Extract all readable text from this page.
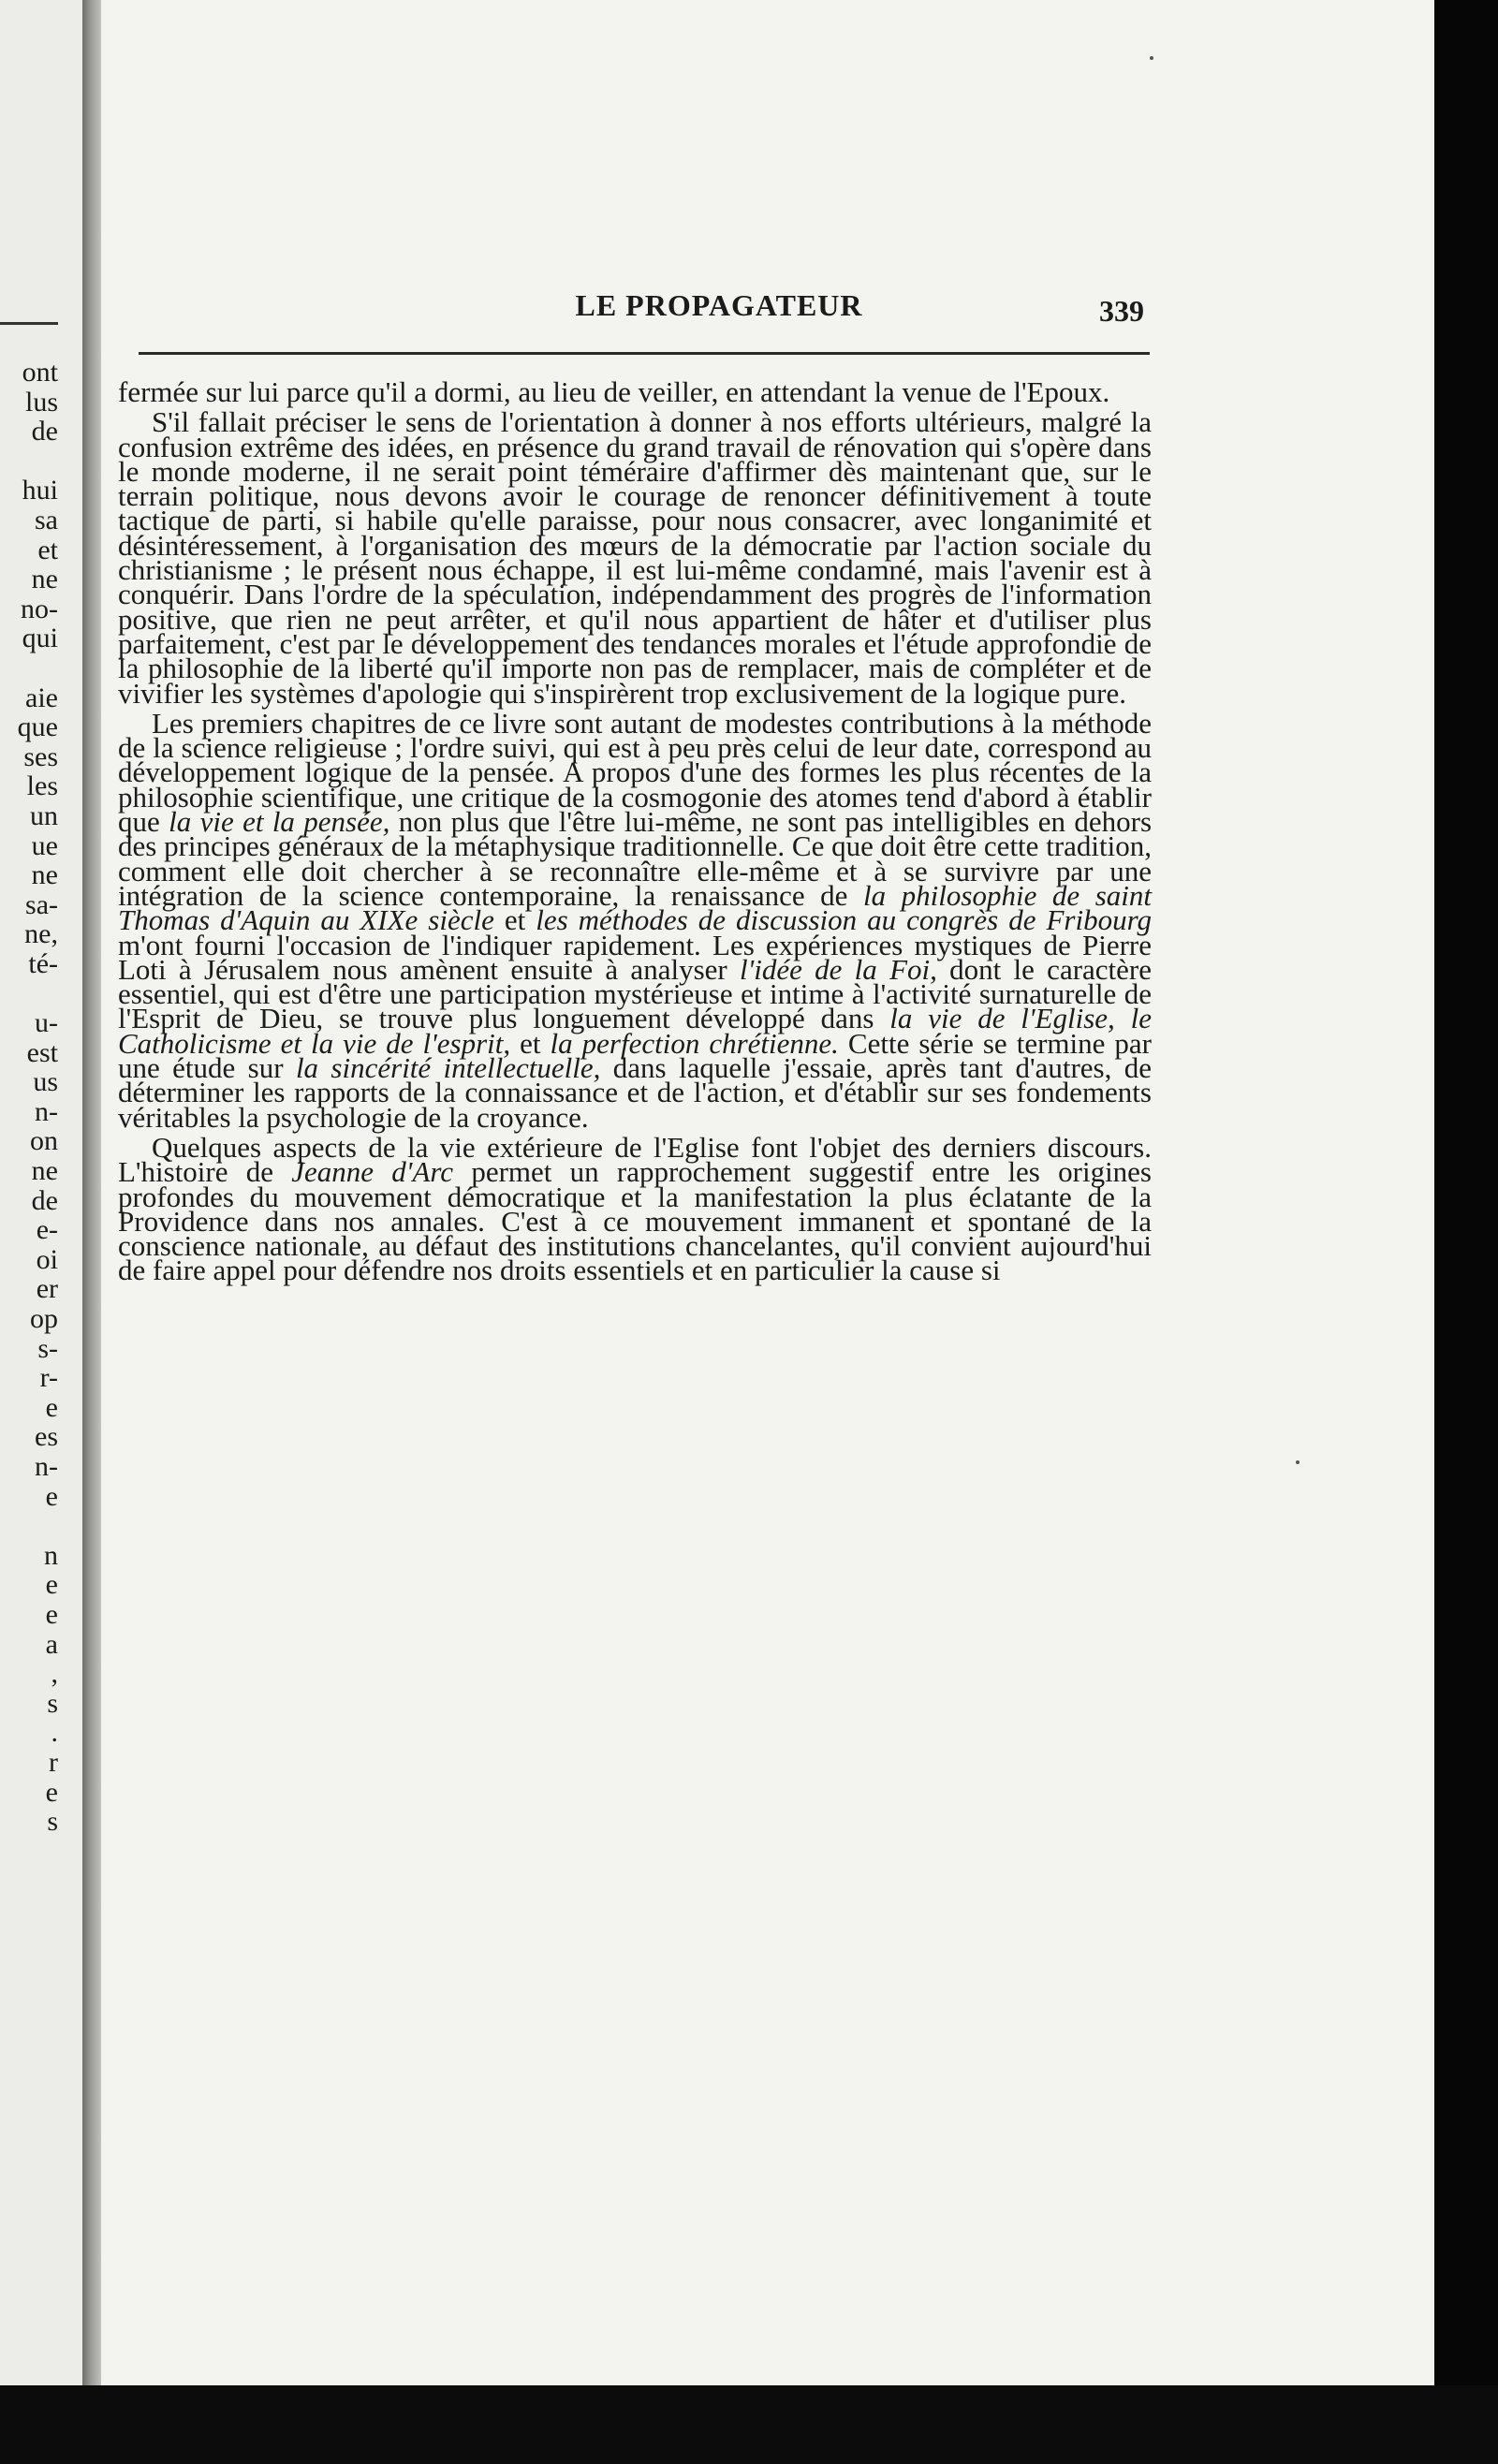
ont
lus
de
hui
sa
et
ne
no-
qui
aie
que
ses
les
un
ue
ne
sa-
ne,
té-
u-
est
us
n-
on
ne
de
e-
oi
er
op
s-
r-
e
es
n-
e
n
e
e
a
,
s
.
r
e
s
LE PROPAGATEUR	339

fermée sur lui parce qu'il a dormi, au lieu de veiller, en attendant la venue de l'Epoux.

S'il fallait préciser le sens de l'orientation à donner à nos efforts ultérieurs, malgré la confusion extrême des idées, en présence du grand travail de rénovation qui s'opère dans le monde moderne, il ne serait point téméraire d'affirmer dès maintenant que, sur le terrain politique, nous devons avoir le courage de renoncer définitivement à toute tactique de parti, si habile qu'elle paraisse, pour nous consacrer, avec longanimité et désintéressement, à l'organisation des mœurs de la démocratie par l'action sociale du christianisme ; le présent nous échappe, il est lui-même condamné, mais l'avenir est à conquérir. Dans l'ordre de la spéculation, indépendamment des progrès de l'information positive, que rien ne peut arrêter, et qu'il nous appartient de hâter et d'utiliser plus parfaitement, c'est par le développement des tendances morales et l'étude approfondie de la philosophie de la liberté qu'il importe non pas de remplacer, mais de compléter et de vivifier les systèmes d'apologie qui s'inspirèrent trop exclusivement de la logique pure.

Les premiers chapitres de ce livre sont autant de modestes contributions à la méthode de la science religieuse ; l'ordre suivi, qui est à peu près celui de leur date, correspond au développement logique de la pensée. A propos d'une des formes les plus récentes de la philosophie scientifique, une critique de la cosmogonie des atomes tend d'abord à établir que la vie et la pensée, non plus que l'être lui-même, ne sont pas intelligibles en dehors des principes généraux de la métaphysique traditionnelle. Ce que doit être cette tradition, comment elle doit chercher à se reconnaître elle-même et à se survivre par une intégration de la science contemporaine, la renaissance de la philosophie de saint Thomas d'Aquin au XIXe siècle et les méthodes de discussion au congrès de Fribourg m'ont fourni l'occasion de l'indiquer rapidement. Les expériences mystiques de Pierre Loti à Jérusalem nous amènent ensuite à analyser l'idée de la Foi, dont le caractère essentiel, qui est d'être une participation mystérieuse et intime à l'activité surnaturelle de l'Esprit de Dieu, se trouve plus longuement développé dans la vie de l'Eglise, le Catholicisme et la vie de l'esprit, et la perfection chrétienne. Cette série se termine par une étude sur la sincérité intellectuelle, dans laquelle j'essaie, après tant d'autres, de déterminer les rapports de la connaissance et de l'action, et d'établir sur ses fondements véritables la psychologie de la croyance.

Quelques aspects de la vie extérieure de l'Eglise font l'objet des derniers discours. L'histoire de Jeanne d'Arc permet un rapprochement suggestif entre les origines profondes du mouvement démocratique et la manifestation la plus éclatante de la Providence dans nos annales. C'est à ce mouvement immanent et spontané de la conscience nationale, au défaut des institutions chancelantes, qu'il convient aujourd'hui de faire appel pour défendre nos droits essentiels et en particulier la cause si
